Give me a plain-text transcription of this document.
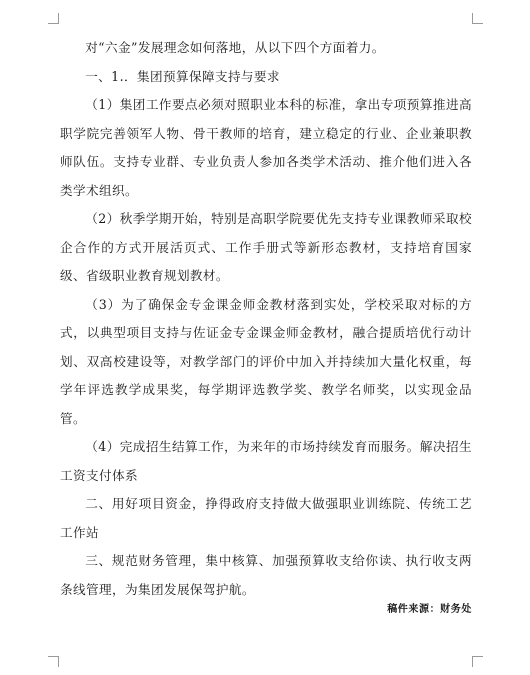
对“六金”发展理念如何落地，从以下四个方面着力。

一、1.．集团预算保障支持与要求

（1）集团工作要点必须对照职业本科的标准，拿出专项预算推进高职学院完善领军人物、骨干教师的培育，建立稳定的行业、企业兼职教师队伍。支持专业群、专业负责人参加各类学术活动、推介他们进入各类学术组织。

（2）秋季学期开始，特别是高职学院要优先支持专业课教师采取校企合作的方式开展活页式、工作手册式等新形态教材，支持培育国家级、省级职业教育规划教材。

（3）为了确保金专金课金师金教材落到实处，学校采取对标的方式，以典型项目支持与佐证金专金课金师金教材，融合提质培优行动计划、双高校建设等，对教学部门的评价中加入并持续加大量化权重，每学年评选教学成果奖，每学期评选教学奖、教学名师奖，以实现金品管。

（4）完成招生结算工作，为来年的市场持续发育而服务。解决招生工资支付体系

二、用好项目资金，挣得政府支持做大做强职业训练院、传统工艺工作站

三、规范财务管理，集中核算、加强预算收支给你读、执行收支两条线管理，为集团发展保驾护航。

稿件来源：财务处
